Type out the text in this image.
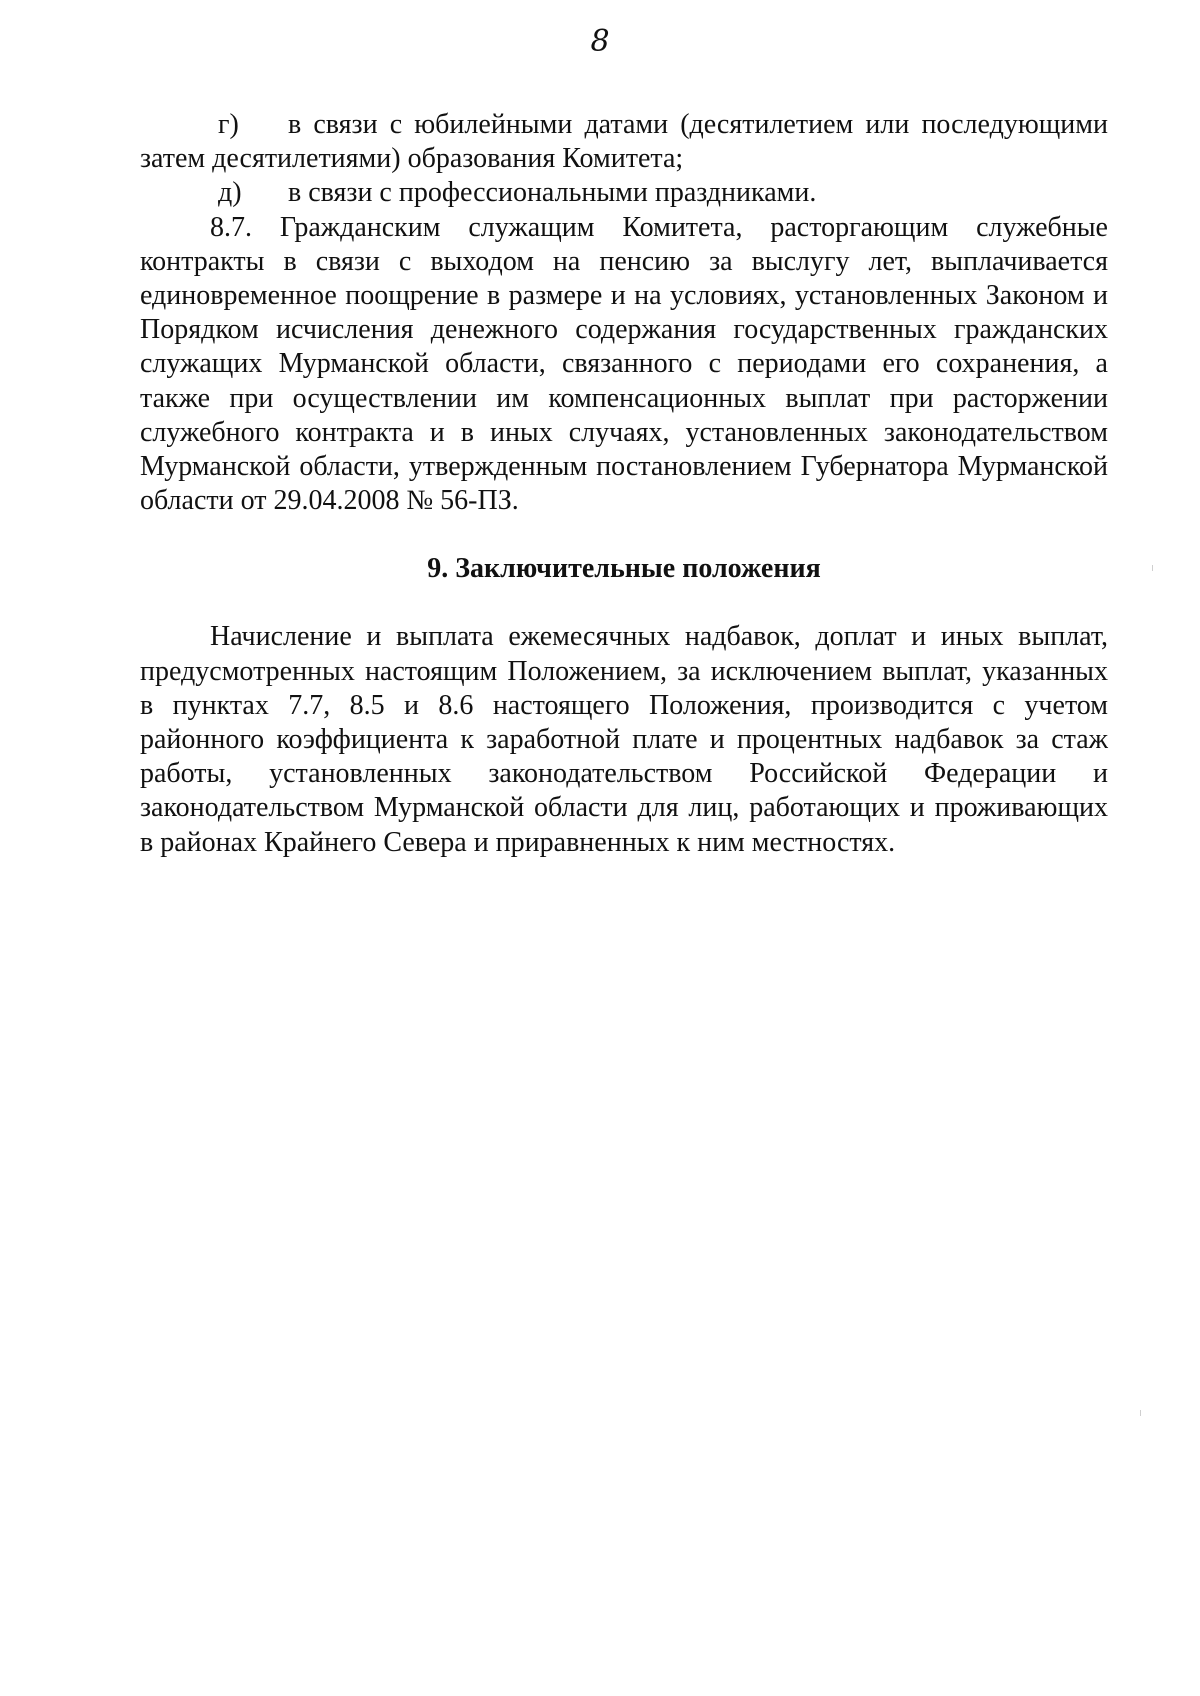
8
г)	в связи с юбилейными датами (десятилетием или последующими
затем десятилетиями) образования Комитета;
д)	в связи с профессиональными праздниками.

8.7. Гражданским служащим Комитета, расторгающим служебные контракты в связи с выходом на пенсию за выслугу лет, выплачивается единовременное поощрение в размере и на условиях, установленных Законом и Порядком исчисления денежного содержания государственных гражданских служащих Мурманской области, связанного с периодами его сохранения, а также при осуществлении им компенсационных выплат при расторжении служебного контракта и в иных случаях, установленных законодательством Мурманской области, утвержденным постановлением Губернатора Мурманской области от 29.04.2008 № 56-ПЗ.

9. Заключительные положения

Начисление и выплата ежемесячных надбавок, доплат и иных выплат, предусмотренных настоящим Положением, за исключением выплат, указанных в пунктах 7.7, 8.5 и 8.6 настоящего Положения, производится с учетом районного коэффициента к заработной плате и процентных надбавок за стаж работы, установленных законодательством Российской Федерации и законодательством Мурманской области для лиц, работающих и проживающих в районах Крайнего Севера и приравненных к ним местностях.
